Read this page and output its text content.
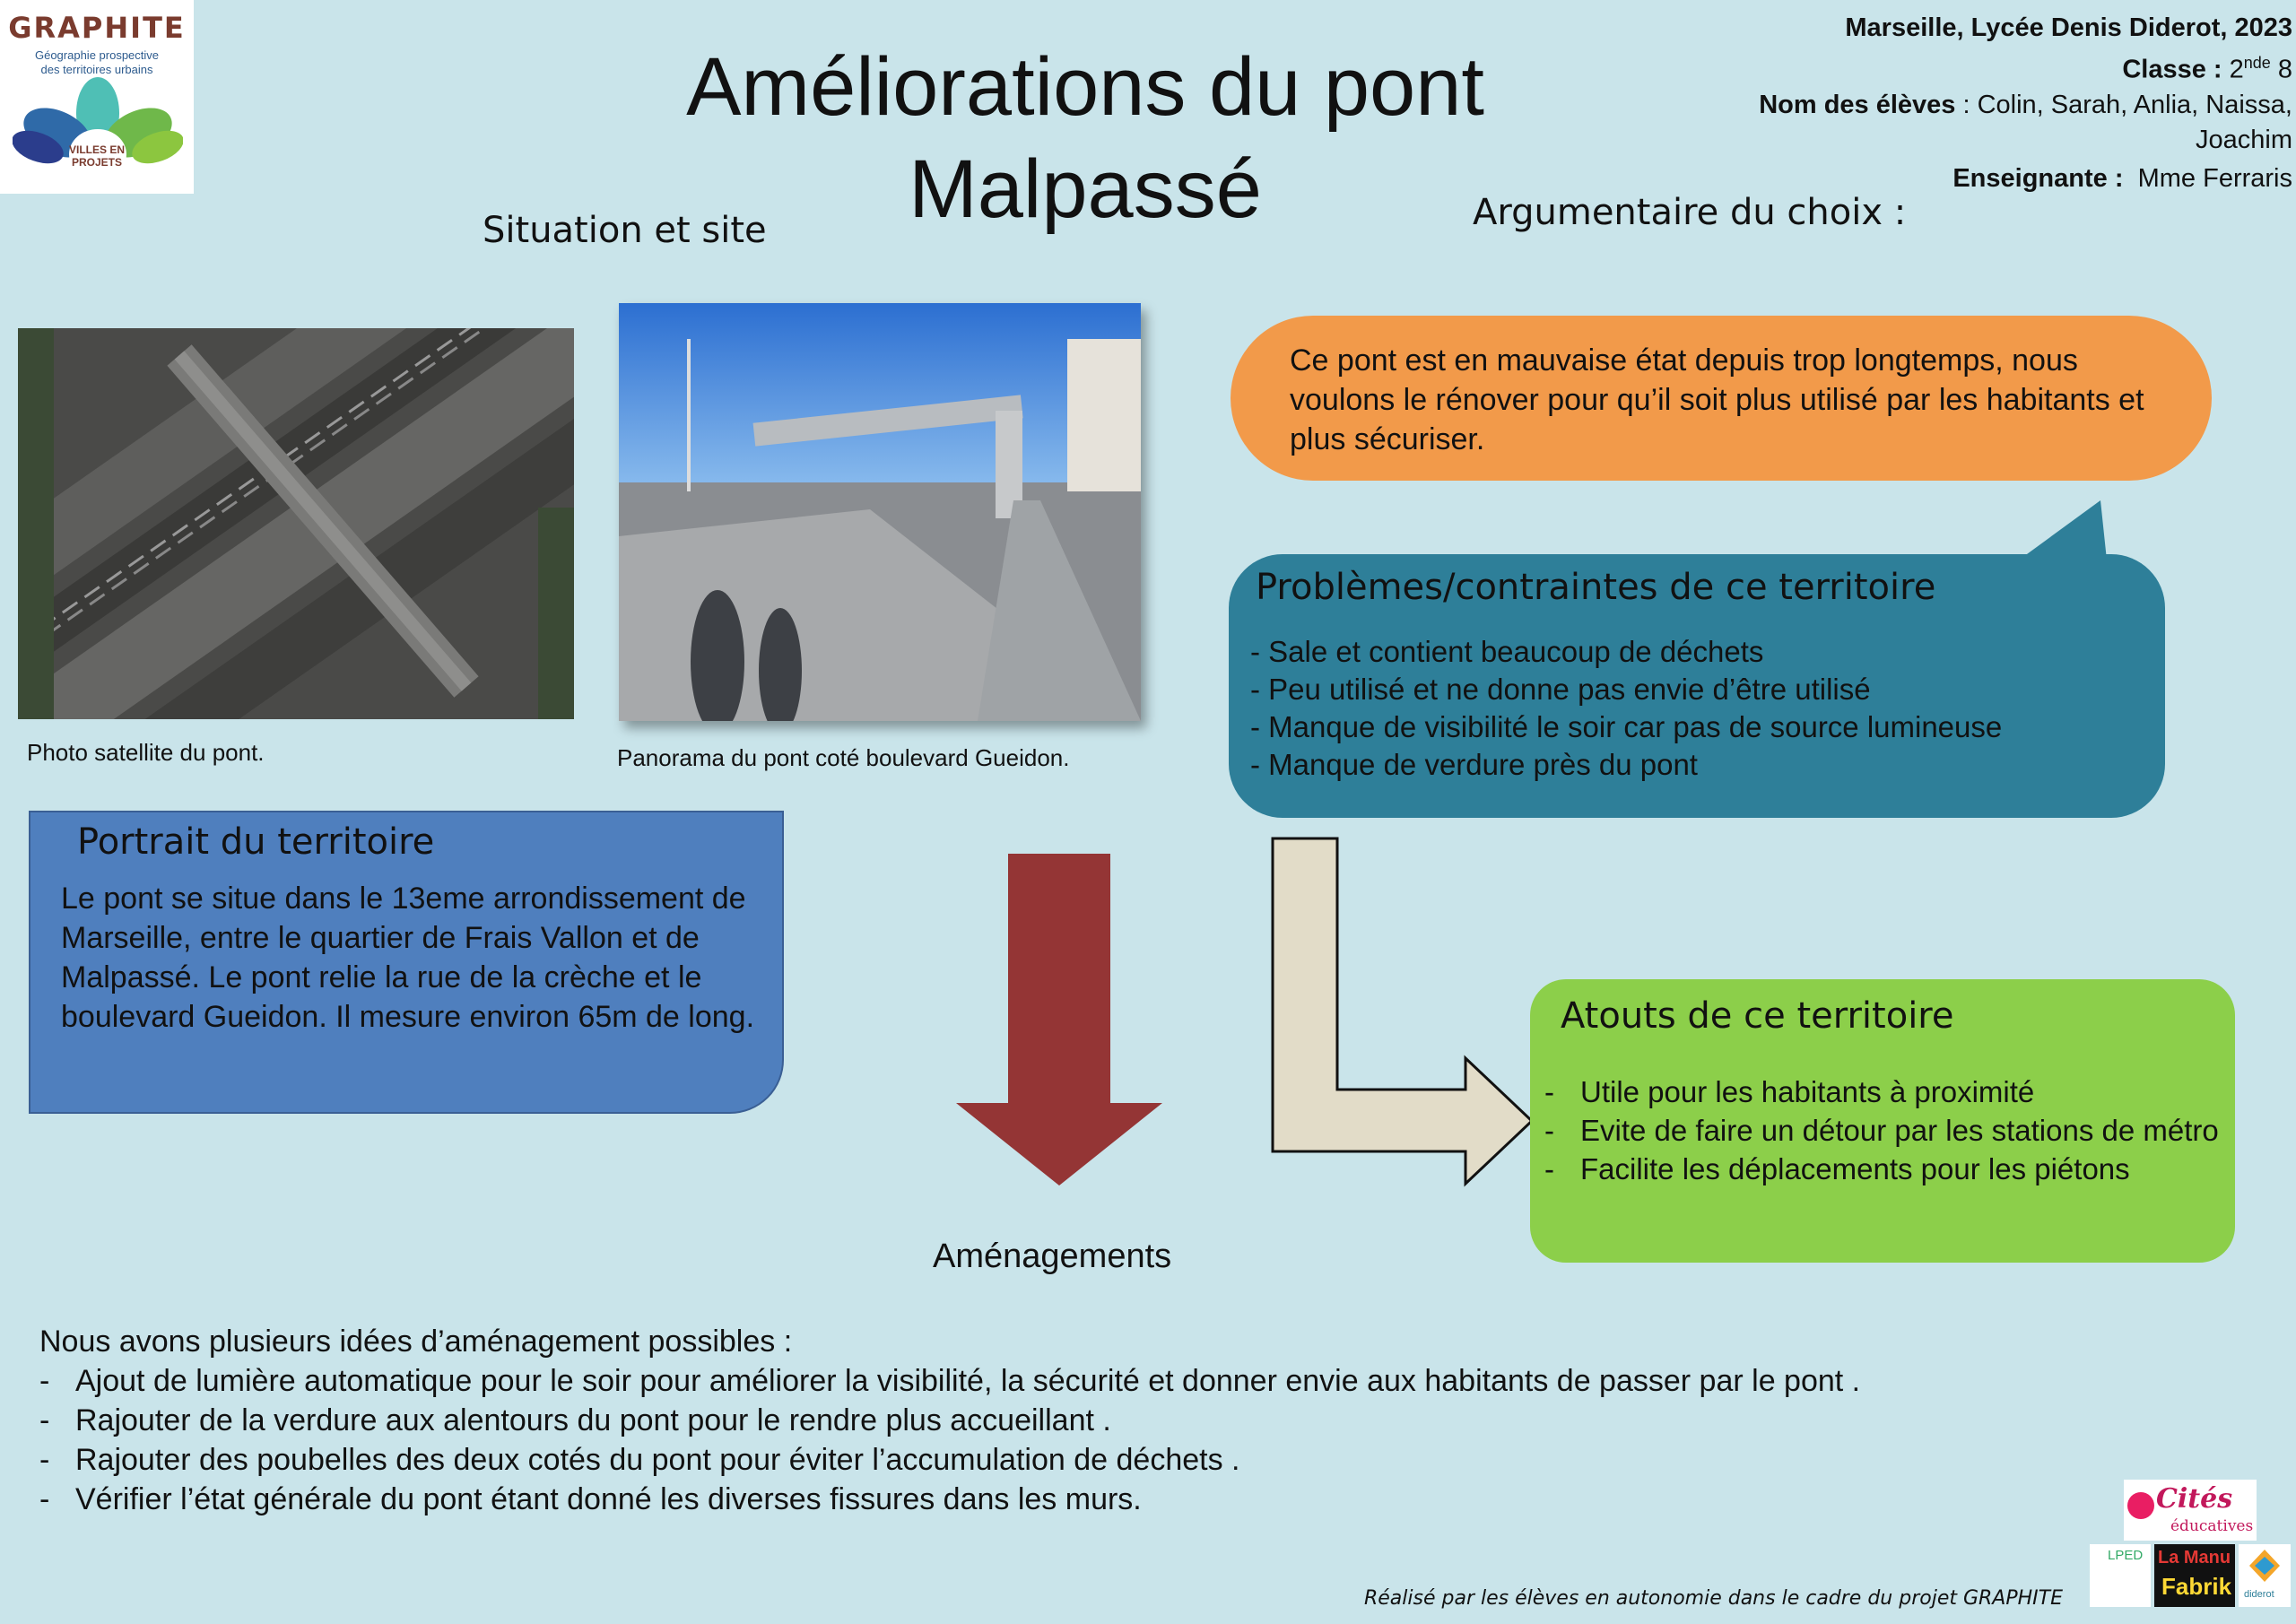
GRAPHITE
Géographie prospective
des territoires urbains
VILLES EN
PROJETS
Améliorations du pont
Malpassé
Marseille, Lycée Denis Diderot, 2023
Classe : 2nde 8
Nom des élèves : Colin, Sarah, Anlia, Naissa,
Joachim
Enseignante : Mme Ferraris
Situation et site	Argumentaire du choix :
Photo satellite du pont.	Panorama du pont coté boulevard Gueidon.

Ce pont est en mauvaise état depuis trop longtemps, nous voulons le rénover pour qu’il soit plus utilisé par les habitants et plus sécuriser.

Problèmes/contraintes de ce territoire
- Sale et contient beaucoup de déchets
- Peu utilisé et ne donne pas envie d’être utilisé
- Manque de visibilité le soir car pas de source lumineuse
- Manque de verdure près du pont
Portrait du territoire
Le pont se situe dans le 13eme arrondissement de Marseille, entre le quartier de Frais Vallon et de Malpassé. Le pont relie la rue de la crèche et le boulevard Gueidon. Il mesure environ 65m de long.	Atouts de ce territoire
- Utile pour les habitants à proximité
- Evite de faire un détour par les stations de métro
- Facilite les déplacements pour les piétons
Aménagements
Nous avons plusieurs idées d’aménagement possibles :
- Ajout de lumière automatique pour le soir pour améliorer la visibilité, la sécurité et donner envie aux habitants de passer par le pont .
- Rajouter de la verdure aux alentours du pont pour le rendre plus accueillant .
- Rajouter des poubelles des deux cotés du pont pour éviter l’accumulation de déchets .
- Vérifier l’état générale du pont étant donné les diverses fissures dans les murs.	Cités
éducatives
LPED La Manu
Fabrik diderot
Réalisé par les élèves en autonomie dans le cadre du projet GRAPHITE
